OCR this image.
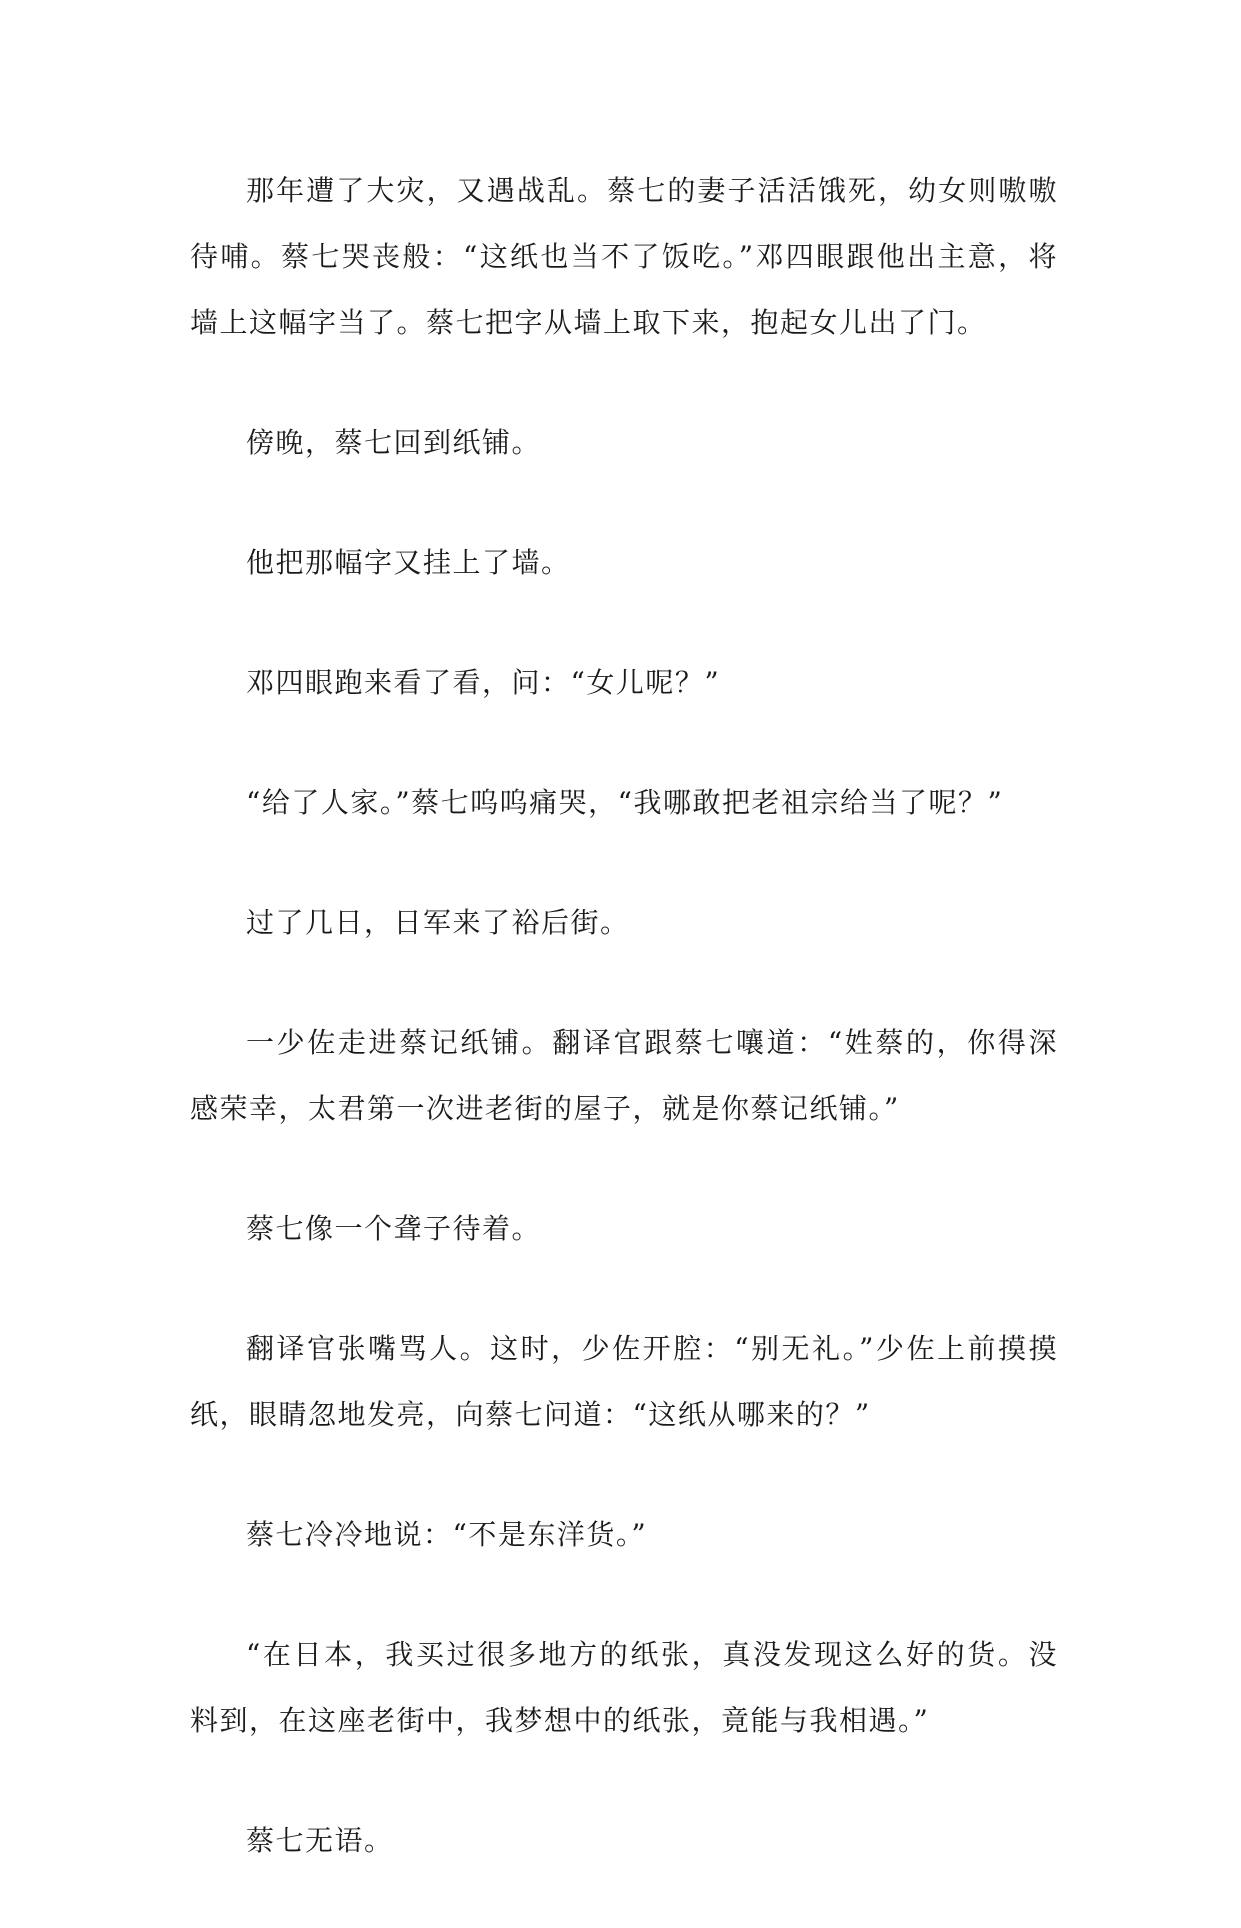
那年遭了大灾，又遇战乱。蔡七的妻子活活饿死，幼女则嗷嗷待哺。蔡七哭丧般：“这纸也当不了饭吃。”邓四眼跟他出主意，将墙上这幅字当了。蔡七把字从墙上取下来，抱起女儿出了门。

傍晚，蔡七回到纸铺。

他把那幅字又挂上了墙。

邓四眼跑来看了看，问：“女儿呢？”

“给了人家。”蔡七呜呜痛哭，“我哪敢把老祖宗给当了呢？”

过了几日，日军来了裕后街。

一少佐走进蔡记纸铺。翻译官跟蔡七嚷道：“姓蔡的，你得深感荣幸，太君第一次进老街的屋子，就是你蔡记纸铺。”

蔡七像一个聋子待着。

翻译官张嘴骂人。这时，少佐开腔：“别无礼。”少佐上前摸摸纸，眼睛忽地发亮，向蔡七问道：“这纸从哪来的？”

蔡七冷冷地说：“不是东洋货。”

“在日本，我买过很多地方的纸张，真没发现这么好的货。没料到，在这座老街中，我梦想中的纸张，竟能与我相遇。”

蔡七无语。
